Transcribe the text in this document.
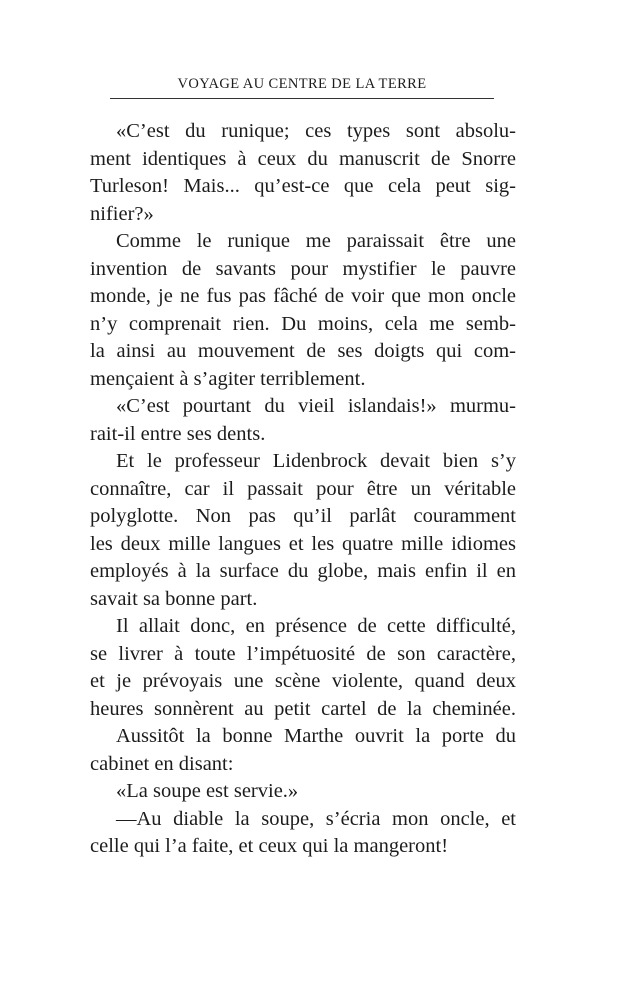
VOYAGE AU CENTRE DE LA TERRE
«C’est du runique; ces types sont absolu-
ment identiques à ceux du manuscrit de Snorre
Turleson! Mais... qu’est-ce que cela peut sig-
nifier?»
Comme le runique me paraissait être une
invention de savants pour mystifier le pauvre
monde, je ne fus pas fâché de voir que mon oncle
n’y comprenait rien. Du moins, cela me semb-
la ainsi au mouvement de ses doigts qui com-
mençaient à s’agiter terriblement.
«C’est pourtant du vieil islandais!» murmu-
rait-il entre ses dents.
Et le professeur Lidenbrock devait bien s’y
connaître, car il passait pour être un véritable
polyglotte. Non pas qu’il parlât couramment
les deux mille langues et les quatre mille idiomes
employés à la surface du globe, mais enfin il en
savait sa bonne part.
Il allait donc, en présence de cette difficulté,
se livrer à toute l’impétuosité de son caractère,
et je prévoyais une scène violente, quand deux
heures sonnèrent au petit cartel de la cheminée.
Aussitôt la bonne Marthe ouvrit la porte du
cabinet en disant:
«La soupe est servie.»
—Au diable la soupe, s’écria mon oncle, et
celle qui l’a faite, et ceux qui la mangeront!
